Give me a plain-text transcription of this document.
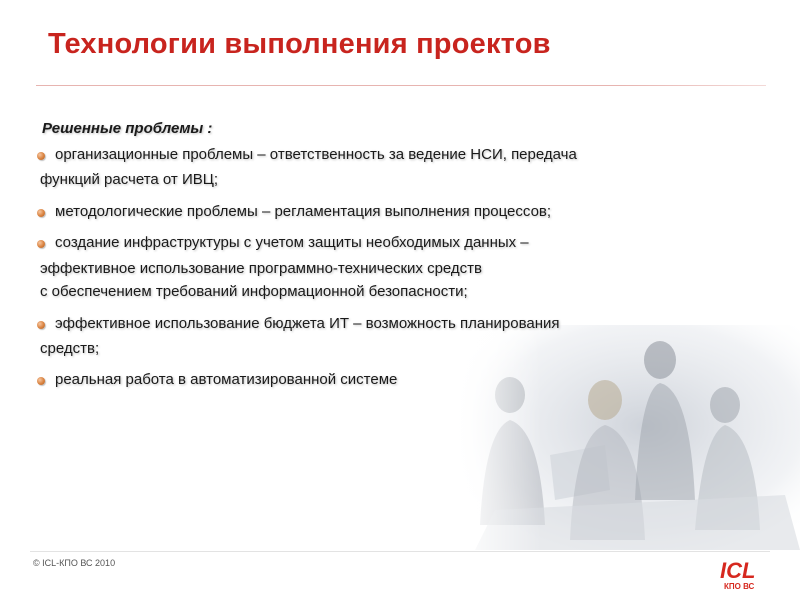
Технологии выполнения проектов
Решенные проблемы :
организационные проблемы – ответственность за ведение НСИ, передача
функций расчета от ИВЦ;
методологические проблемы – регламентация выполнения процессов;
создание инфраструктуры с учетом защиты необходимых данных –
эффективное использование программно-технических средств
с обеспечением требований информационной безопасности;
эффективное использование бюджета ИТ – возможность планирования
средств;
реальная работа в автоматизированной системе
© ICL-КПО ВС 2010	ICL
КПО ВС
